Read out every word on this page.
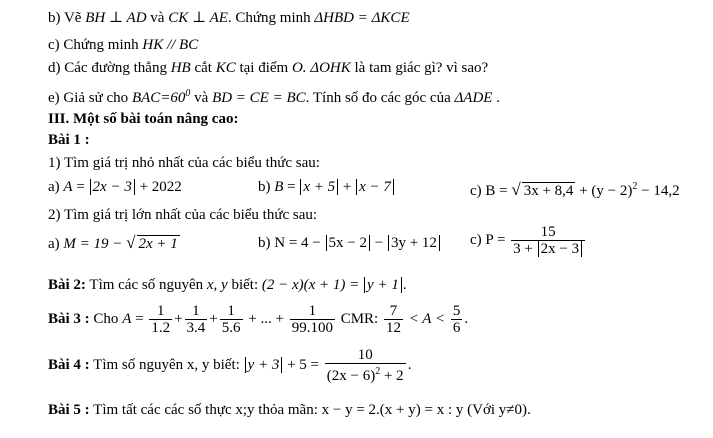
b) Vẽ BH ⊥ AD và CK ⊥ AE. Chứng minh ΔHBD = ΔKCE
c) Chứng minh HK // BC
d) Các đường thẳng HB cắt KC tại điểm O. ΔOHK là tam giác gì? vì sao?
e) Giả sử cho $BAC=60^0$ và BD = CE = BC. Tính số đo các góc của ΔADE .
III. Một số bài toán nâng cao:
Bài 1 :
1) Tìm giá trị nhỏ nhất của các biểu thức sau:
a) A = 2x − 3 + 2022	b) B = x + 5 + x − 7	c) B = √ $3x + 8,4 + (y - 2)^2 - 14,2$
2) Tìm giá trị lớn nhất của các biểu thức sau:
a) M = 19 − √ 2x + 1	b) N = 4 − 5x − 2 − 3y + 12 c) $P = \frac{15}{3 + 2x - 3}$
Bài 2: Tìm các số nguyên x, y biết: (2 − x)(x + 1) = y + 1 .
Bài 3 : Cho $A = \frac{1}{1.2} + \frac{1}{3.4} + \frac{1}{5.6}$ + ... + $\frac{1}{99.100}$ CMR: $\frac{7}{12} < A < \frac{5}{6}$ .
Bài 4 : Tìm số nguyên x, y biết: $y + 3 + 5 = \frac{10}{(2x - 6)^2 + 2}$ .
Bài 5 : Tìm tất các các số thực x;y thỏa mãn: x − y = 2.(x + y) = x : y (Với y≠0).
